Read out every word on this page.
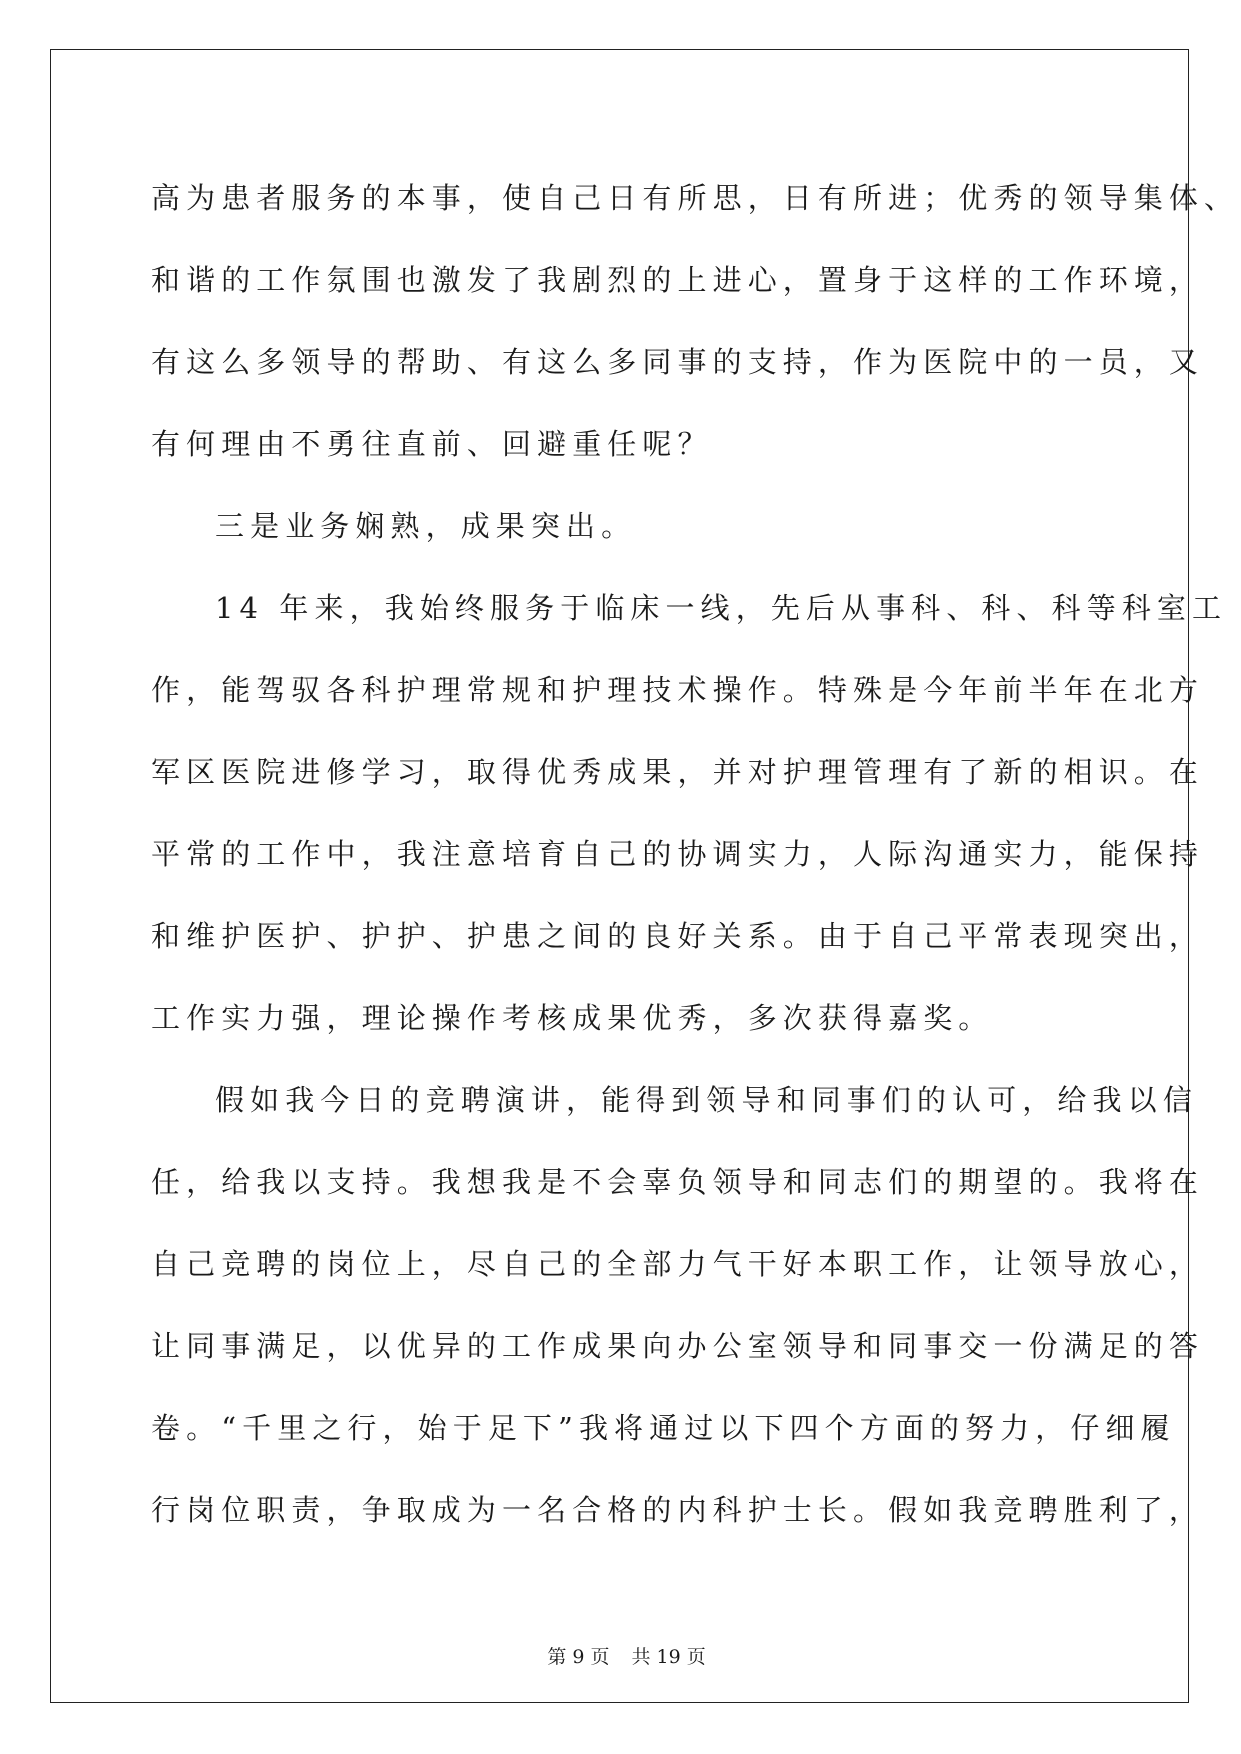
高为患者服务的本事，使自己日有所思，日有所进；优秀的领导集体、
和谐的工作氛围也激发了我剧烈的上进心，置身于这样的工作环境，
有这么多领导的帮助、有这么多同事的支持，作为医院中的一员，又
有何理由不勇往直前、回避重任呢？
三是业务娴熟，成果突出。
14 年来，我始终服务于临床一线，先后从事科、科、科等科室工
作，能驾驭各科护理常规和护理技术操作。特殊是今年前半年在北方
军区医院进修学习，取得优秀成果，并对护理管理有了新的相识。在
平常的工作中，我注意培育自己的协调实力，人际沟通实力，能保持
和维护医护、护护、护患之间的良好关系。由于自己平常表现突出，
工作实力强，理论操作考核成果优秀，多次获得嘉奖。
假如我今日的竞聘演讲，能得到领导和同事们的认可，给我以信
任，给我以支持。我想我是不会辜负领导和同志们的期望的。我将在
自己竞聘的岗位上，尽自己的全部力气干好本职工作，让领导放心，
让同事满足，以优异的工作成果向办公室领导和同事交一份满足的答
卷。“千里之行，始于足下”我将通过以下四个方面的努力，仔细履
行岗位职责，争取成为一名合格的内科护士长。假如我竞聘胜利了，

第 9 页 共 19 页
